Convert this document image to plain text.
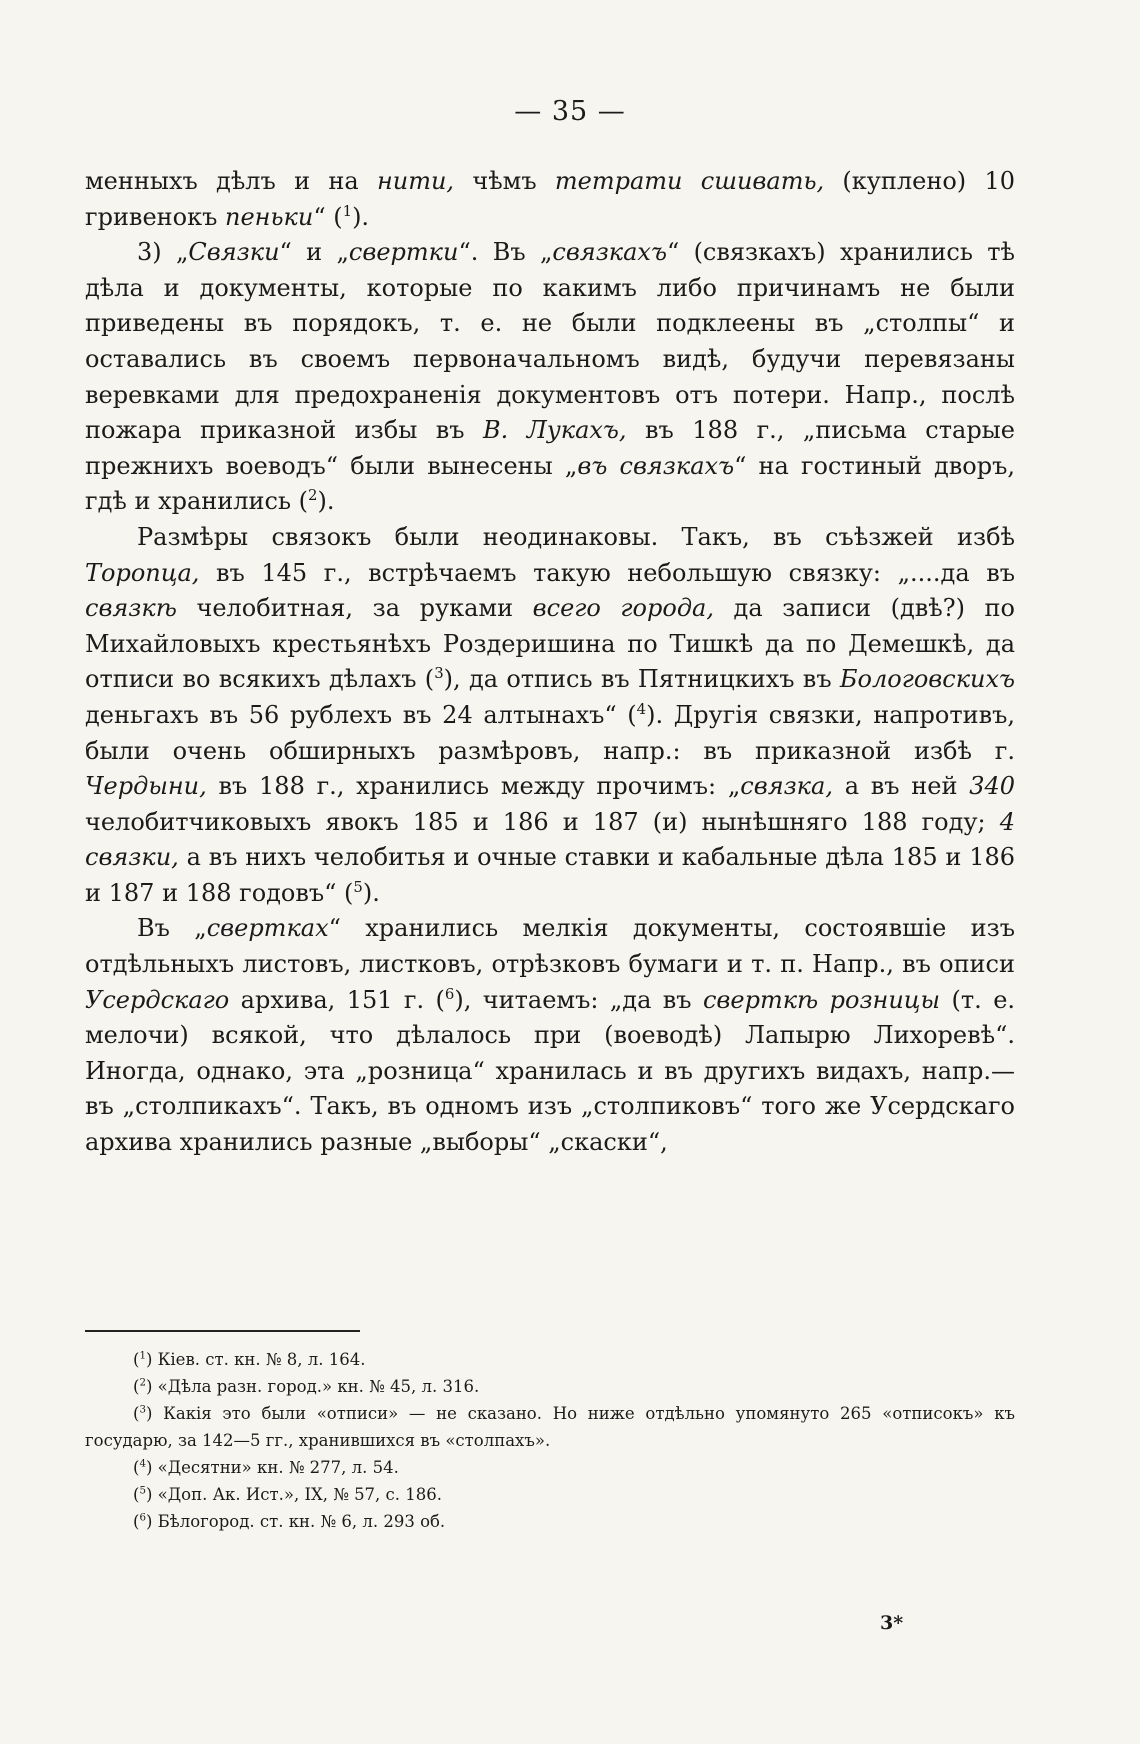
— 35 —

менныхъ дѣлъ и на нити, чѣмъ тетрати сшивать, (куплено) 10 гривенокъ пеньки“ ($^1$).

3) „Связки“ и „свертки“. Въ „связкахъ“ (связкахъ) хранились тѣ дѣла и документы, которые по какимъ либо причинамъ не были приведены въ порядокъ, т. е. не были подклеены въ „столпы“ и оставались въ своемъ первоначальномъ видѣ, будучи перевязаны веревками для предохраненія документовъ отъ потери. Напр., послѣ пожара приказной избы въ В. Лукахъ, въ 188 г., „письма старые прежнихъ воеводъ“ были вынесены „въ связкахъ“ на гостиный дворъ, гдѣ и хранились ($^2$).

Размѣры связокъ были неодинаковы. Такъ, въ съѣзжей избѣ Торопца, въ 145 г., встрѣчаемъ такую небольшую связку: „....да въ связкѣ челобитная, за руками всего города, да записи (двѣ?) по Михайловыхъ крестьянѣхъ Роздеришина по Тишкѣ да по Демешкѣ, да отписи во всякихъ дѣлахъ ($^3$), да отпись въ Пятницкихъ въ Бологовскихъ деньгахъ въ 56 рублехъ въ 24 алтынахъ“ ($^4$). Другія связки, напротивъ, были очень обширныхъ размѣровъ, напр.: въ приказной избѣ г. Чердыни, въ 188 г., хранились между прочимъ: „связка, а въ ней 340 челобитчиковыхъ явокъ 185 и 186 и 187 (и) нынѣшняго 188 году; 4 связки, а въ нихъ челобитья и очные ставки и кабальные дѣла 185 и 186 и 187 и 188 годовъ“ ($^5$).

Въ „свертках“ хранились мелкія документы, состоявшіе изъ отдѣльныхъ листовъ, листковъ, отрѣзковъ бумаги и т. п. Напр., въ описи Усердскаго архива, 151 г. ($^6$), читаемъ: „да въ сверткѣ розницы (т. е. мелочи) всякой, что дѣлалось при (воеводѣ) Лапырю Лихоревѣ“. Иногда, однако, эта „розница“ хранилась и въ другихъ видахъ, напр.—въ „столпикахъ“. Такъ, въ одномъ изъ „столпиковъ“ того же Усердскаго архива хранились разные „выборы“ „скаски“,

($^1$) Кіев. ст. кн. № 8, л. 164.

($^2$) «Дѣла разн. город.» кн. № 45, л. 316.

($^3$) Какія это были «отписи» — не сказано. Но ниже отдѣльно упомянуто 265 «отписокъ» къ государю, за 142—5 гг., хранившихся въ «столпахъ».

($^4$) «Десятни» кн. № 277, л. 54.

($^5$) «Доп. Ак. Ист.», IX, № 57, с. 186.

($^6$) Бѣлогород. ст. кн. № 6, л. 293 об.

3*
